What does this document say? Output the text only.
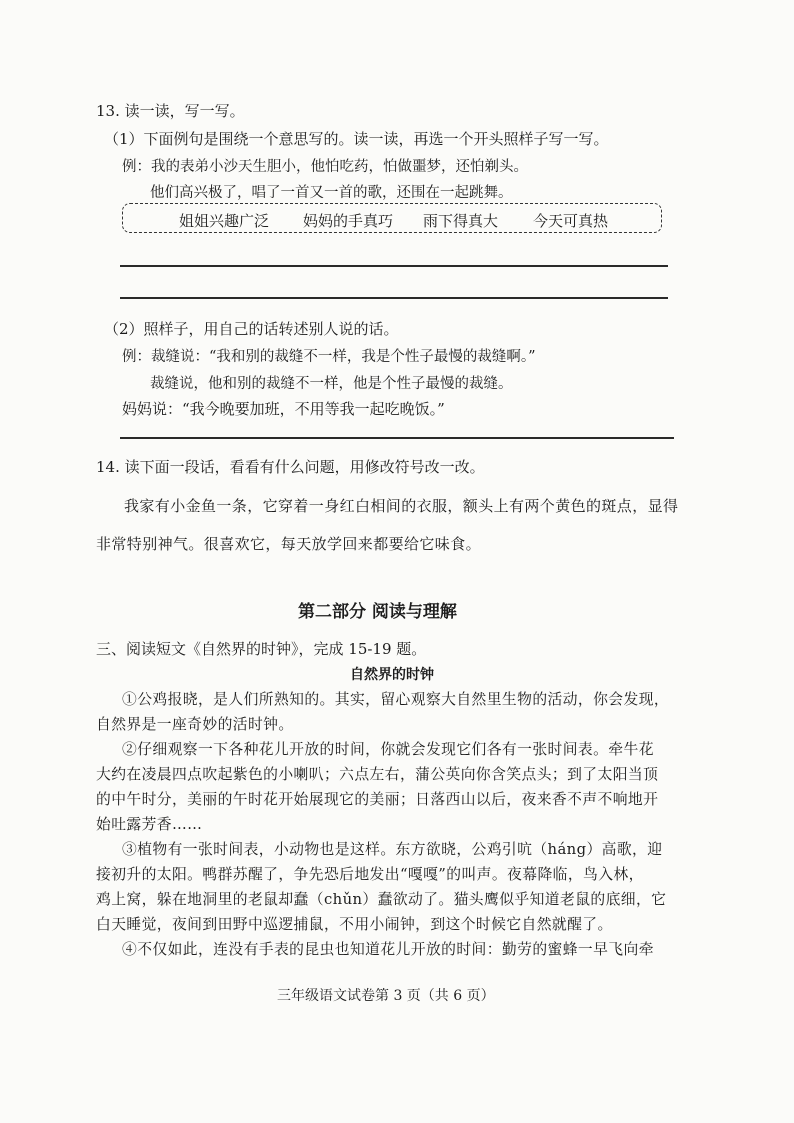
13. 读一读，写一写。
（1）下面例句是围绕一个意思写的。读一读，再选一个开头照样子写一写。
例：我的表弟小沙天生胆小，他怕吃药，怕做噩梦，还怕剃头。
他们高兴极了，唱了一首又一首的歌，还围在一起跳舞。
姐姐兴趣广泛 妈妈的手真巧 雨下得真大 今天可真热
（2）照样子，用自己的话转述别人说的话。
例：裁缝说：“我和别的裁缝不一样，我是个性子最慢的裁缝啊。”
裁缝说，他和别的裁缝不一样，他是个性子最慢的裁缝。
妈妈说：“我今晚要加班，不用等我一起吃晚饭。”
14. 读下面一段话，看看有什么问题，用修改符号改一改。
我家有小金鱼一条，它穿着一身红白相间的衣服，额头上有两个黄色的斑点，显得
非常特别神气。很喜欢它，每天放学回来都要给它味食。
第二部分 阅读与理解
三、阅读短文《自然界的时钟》，完成 15-19 题。
自然界的时钟
①公鸡报晓，是人们所熟知的。其实，留心观察大自然里生物的活动，你会发现，
自然界是一座奇妙的活时钟。
②仔细观察一下各种花儿开放的时间，你就会发现它们各有一张时间表。牵牛花
大约在凌晨四点吹起紫色的小喇叭；六点左右，蒲公英向你含笑点头；到了太阳当顶
的中午时分，美丽的午时花开始展现它的美丽；日落西山以后，夜来香不声不响地开
始吐露芳香……
③植物有一张时间表，小动物也是这样。东方欲晓，公鸡引吭（háng）高歌，迎
接初升的太阳。鸭群苏醒了，争先恐后地发出“嘎嘎”的叫声。夜幕降临，鸟入林，
鸡上窝，躲在地洞里的老鼠却蠢（chǔn）蠢欲动了。猫头鹰似乎知道老鼠的底细，它
白天睡觉，夜间到田野中巡逻捕鼠，不用小闹钟，到这个时候它自然就醒了。
④不仅如此，连没有手表的昆虫也知道花儿开放的时间：勤劳的蜜蜂一早飞向牵
三年级语文试卷第 3 页（共 6 页）
